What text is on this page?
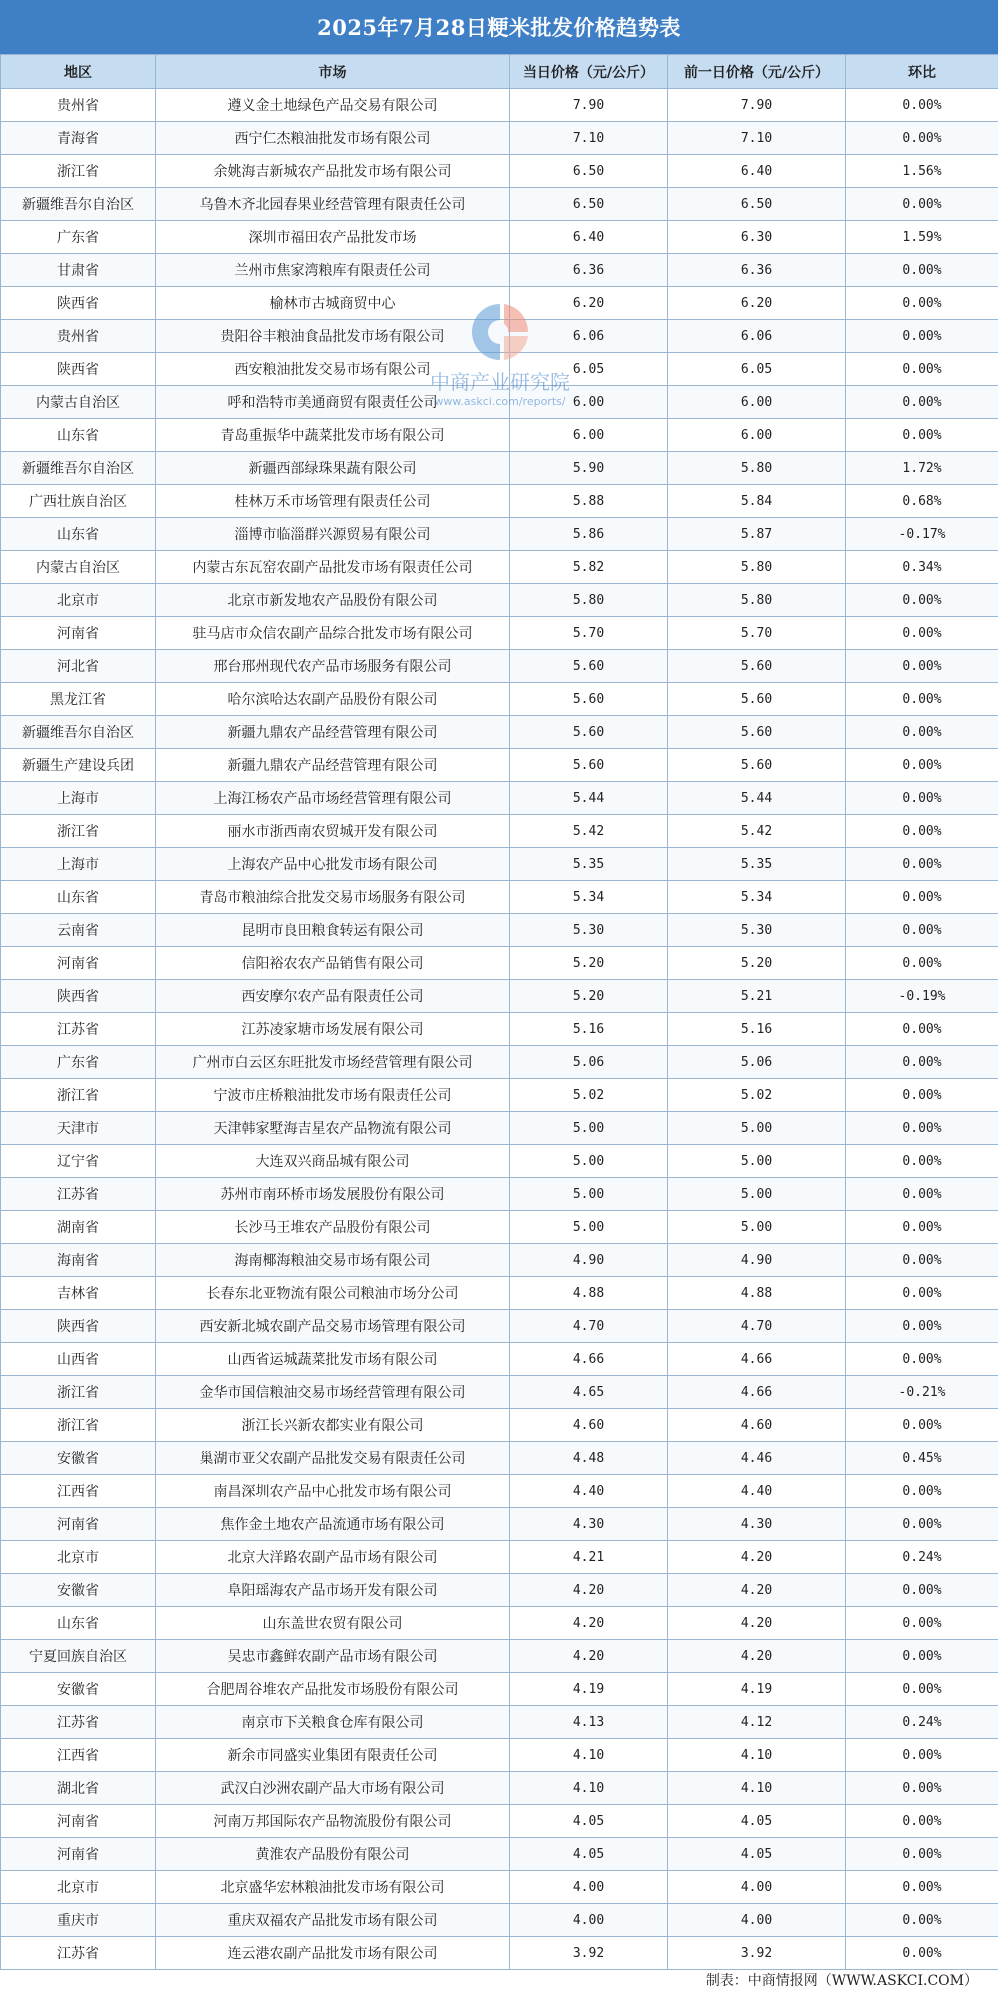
2025年7月28日粳米批发价格趋势表
地区	市场	当日价格（元/公斤）	前一日价格（元/公斤）	环比
贵州省	遵义金土地绿色产品交易有限公司	7.90	7.90	0.00%
青海省	西宁仁杰粮油批发市场有限公司	7.10	7.10	0.00%
浙江省	余姚海吉新城农产品批发市场有限公司	6.50	6.40	1.56%
新疆维吾尔自治区	乌鲁木齐北园春果业经营管理有限责任公司	6.50	6.50	0.00%
广东省	深圳市福田农产品批发市场	6.40	6.30	1.59%
甘肃省	兰州市焦家湾粮库有限责任公司	6.36	6.36	0.00%
陕西省	榆林市古城商贸中心	6.20	6.20	0.00%
贵州省	贵阳谷丰粮油食品批发市场有限公司	6.06	6.06	0.00%
陕西省	西安粮油批发交易市场有限公司	6.05	6.05	0.00%
内蒙古自治区	呼和浩特市美通商贸有限责任公司	6.00	6.00	0.00%
山东省	青岛重振华中蔬菜批发市场有限公司	6.00	6.00	0.00%
新疆维吾尔自治区	新疆西部绿珠果蔬有限公司	5.90	5.80	1.72%
广西壮族自治区	桂林万禾市场管理有限责任公司	5.88	5.84	0.68%
山东省	淄博市临淄群兴源贸易有限公司	5.86	5.87	-0.17%
内蒙古自治区	内蒙古东瓦窑农副产品批发市场有限责任公司	5.82	5.80	0.34%
北京市	北京市新发地农产品股份有限公司	5.80	5.80	0.00%
河南省	驻马店市众信农副产品综合批发市场有限公司	5.70	5.70	0.00%
河北省	邢台邢州现代农产品市场服务有限公司	5.60	5.60	0.00%
黑龙江省	哈尔滨哈达农副产品股份有限公司	5.60	5.60	0.00%
新疆维吾尔自治区	新疆九鼎农产品经营管理有限公司	5.60	5.60	0.00%
新疆生产建设兵团	新疆九鼎农产品经营管理有限公司	5.60	5.60	0.00%
上海市	上海江杨农产品市场经营管理有限公司	5.44	5.44	0.00%
浙江省	丽水市浙西南农贸城开发有限公司	5.42	5.42	0.00%
上海市	上海农产品中心批发市场有限公司	5.35	5.35	0.00%
山东省	青岛市粮油综合批发交易市场服务有限公司	5.34	5.34	0.00%
云南省	昆明市良田粮食转运有限公司	5.30	5.30	0.00%
河南省	信阳裕农农产品销售有限公司	5.20	5.20	0.00%
陕西省	西安摩尔农产品有限责任公司	5.20	5.21	-0.19%
江苏省	江苏凌家塘市场发展有限公司	5.16	5.16	0.00%
广东省	广州市白云区东旺批发市场经营管理有限公司	5.06	5.06	0.00%
浙江省	宁波市庄桥粮油批发市场有限责任公司	5.02	5.02	0.00%
天津市	天津韩家墅海吉星农产品物流有限公司	5.00	5.00	0.00%
辽宁省	大连双兴商品城有限公司	5.00	5.00	0.00%
江苏省	苏州市南环桥市场发展股份有限公司	5.00	5.00	0.00%
湖南省	长沙马王堆农产品股份有限公司	5.00	5.00	0.00%
海南省	海南椰海粮油交易市场有限公司	4.90	4.90	0.00%
吉林省	长春东北亚物流有限公司粮油市场分公司	4.88	4.88	0.00%
陕西省	西安新北城农副产品交易市场管理有限公司	4.70	4.70	0.00%
山西省	山西省运城蔬菜批发市场有限公司	4.66	4.66	0.00%
浙江省	金华市国信粮油交易市场经营管理有限公司	4.65	4.66	-0.21%
浙江省	浙江长兴新农都实业有限公司	4.60	4.60	0.00%
安徽省	巢湖市亚父农副产品批发交易有限责任公司	4.48	4.46	0.45%
江西省	南昌深圳农产品中心批发市场有限公司	4.40	4.40	0.00%
河南省	焦作金土地农产品流通市场有限公司	4.30	4.30	0.00%
北京市	北京大洋路农副产品市场有限公司	4.21	4.20	0.24%
安徽省	阜阳瑶海农产品市场开发有限公司	4.20	4.20	0.00%
山东省	山东盖世农贸有限公司	4.20	4.20	0.00%
宁夏回族自治区	吴忠市鑫鲜农副产品市场有限公司	4.20	4.20	0.00%
安徽省	合肥周谷堆农产品批发市场股份有限公司	4.19	4.19	0.00%
江苏省	南京市下关粮食仓库有限公司	4.13	4.12	0.24%
江西省	新余市同盛实业集团有限责任公司	4.10	4.10	0.00%
湖北省	武汉白沙洲农副产品大市场有限公司	4.10	4.10	0.00%
河南省	河南万邦国际农产品物流股份有限公司	4.05	4.05	0.00%
河南省	黄淮农产品股份有限公司	4.05	4.05	0.00%
北京市	北京盛华宏林粮油批发市场有限公司	4.00	4.00	0.00%
重庆市	重庆双福农产品批发市场有限公司	4.00	4.00	0.00%
江苏省	连云港农副产品批发市场有限公司	3.92	3.92	0.00%
中商产业研究院
www.askci.com/reports/
制表：中商情报网（WWW.ASKCI.COM）
